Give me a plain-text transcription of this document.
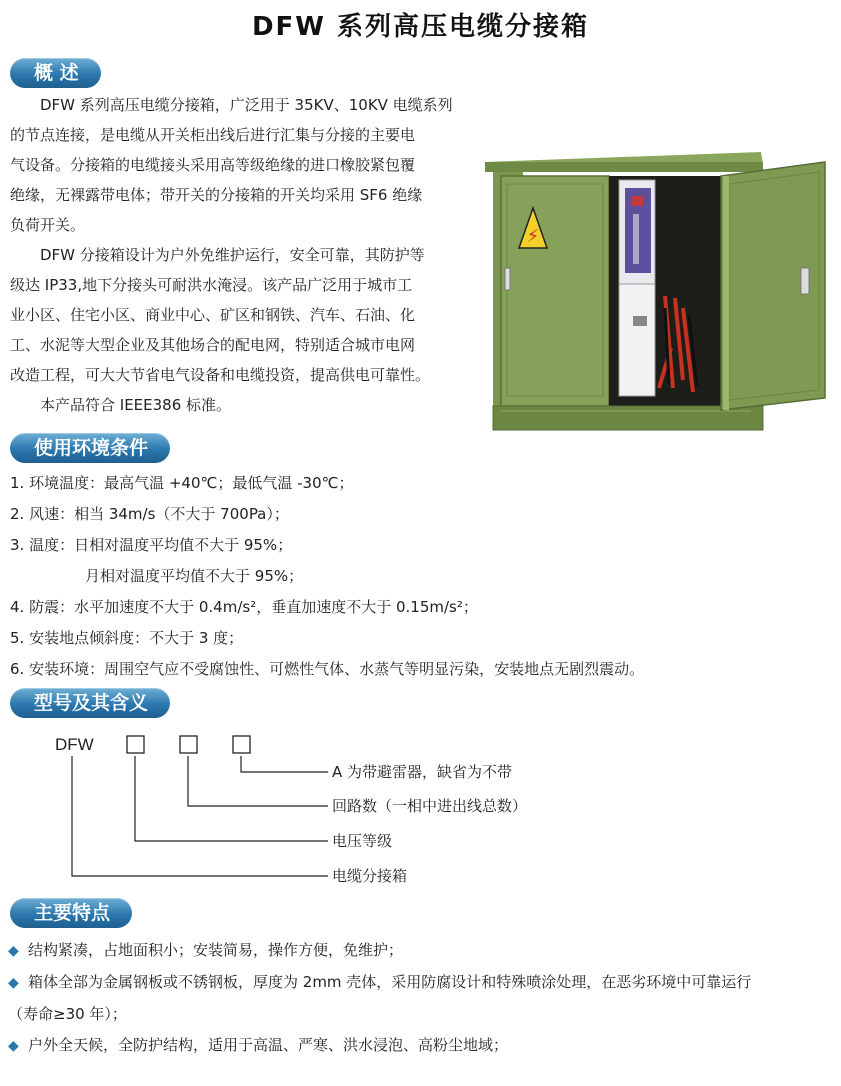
DFW 系列高压电缆分接箱
概 述

DFW 系列高压电缆分接箱，广泛用于 35KV、10KV 电缆系列

的节点连接，是电缆从开关柜出线后进行汇集与分接的主要电

气设备。分接箱的电缆接头采用高等级绝缘的进口橡胶紧包覆

绝缘，无裸露带电体；带开关的分接箱的开关均采用 SF6 绝缘

负荷开关。

DFW 分接箱设计为户外免维护运行，安全可靠，其防护等

级达 IP33,地下分接头可耐洪水淹浸。该产品广泛用于城市工

业小区、住宅小区、商业中心、矿区和钢铁、汽车、石油、化

工、水泥等大型企业及其他场合的配电网，特别适合城市电网

改造工程，可大大节省电气设备和电缆投资，提高供电可靠性。

本产品符合 IEEE386 标准。

⚡
使用环境条件
1. 环境温度：最高气温 +40℃；最低气温 -30℃；
2. 风速：相当 34m/s（不大于 700Pa）；
3. 温度：日相对温度平均值不大于 95%；
月相对温度平均值不大于 95%；
4. 防震：水平加速度不大于 0.4m/s²，垂直加速度不大于 0.15m/s²；
5. 安装地点倾斜度：不大于 3 度；
6. 安装环境：周围空气应不受腐蚀性、可燃性气体、水蒸气等明显污染，安装地点无剧烈震动。
型号及其含义
DFW
A 为带避雷器，缺省为不带
回路数（一相中进出线总数）
电压等级
电缆分接箱
主要特点
◆ 结构紧凑，占地面积小；安装简易，操作方便，免维护；
◆ 箱体全部为金属钢板或不锈钢板，厚度为 2mm 壳体，采用防腐设计和特殊喷涂处理，在恶劣环境中可靠运行
（寿命≥30 年）；
◆ 户外全天候，全防护结构，适用于高温、严寒、洪水浸泡、高粉尘地域；
